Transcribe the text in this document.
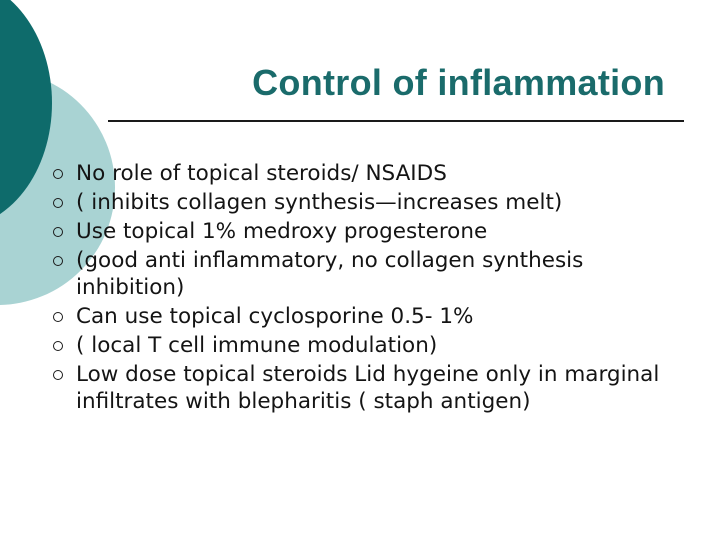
Control of inflammation
No role of topical steroids/ NSAIDS
( inhibits collagen synthesis—increases melt)
Use topical 1% medroxy progesterone
(good anti inflammatory, no collagen synthesis inhibition)
Can use topical cyclosporine 0.5- 1%
( local T cell immune modulation)
Low dose topical steroids Lid hygeine only in marginal infiltrates with blepharitis ( staph antigen)
